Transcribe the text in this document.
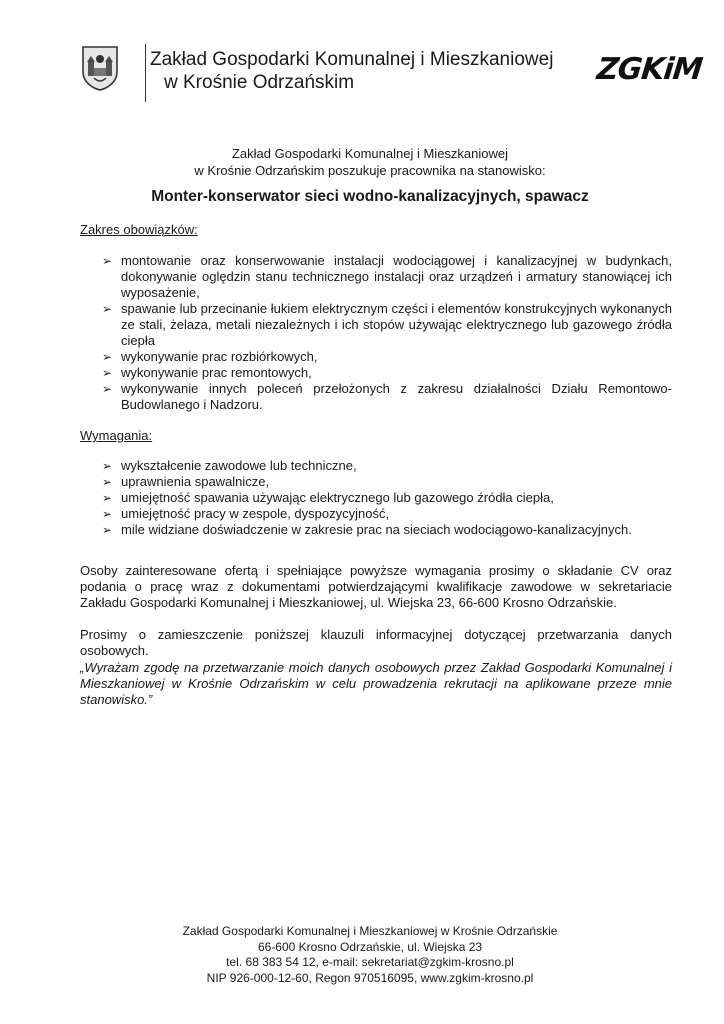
Zakład Gospodarki Komunalnej i Mieszkaniowej
w Krośnie Odrzańskim	ZGKiM
Zakład Gospodarki Komunalnej i Mieszkaniowej
w Krośnie Odrzańskim poszukuje pracownika na stanowisko:
Monter-konserwator sieci wodno-kanalizacyjnych, spawacz
Zakres obowiązków:
➢ montowanie oraz konserwowanie instalacji wodociągowej i kanalizacyjnej w budynkach, dokonywanie oględzin stanu technicznego instalacji oraz urządzeń i armatury stanowiącej ich wyposażenie,
➢ spawanie lub przecinanie łukiem elektrycznym części i elementów konstrukcyjnych wykonanych ze stali, żelaza, metali niezależnych i ich stopów używając elektrycznego lub gazowego źródła ciepła
➢ wykonywanie prac rozbiórkowych,
➢ wykonywanie prac remontowych,
➢ wykonywanie innych poleceń przełożonych z zakresu działalności Działu Remontowo-Budowlanego i Nadzoru.
Wymagania:
➢ wykształcenie zawodowe lub techniczne,
➢ uprawnienia spawalnicze,
➢ umiejętność spawania używając elektrycznego lub gazowego źródła ciepła,
➢ umiejętność pracy w zespole, dyspozycyjność,
➢ mile widziane doświadczenie w zakresie prac na sieciach wodociągowo-kanalizacyjnych.
Osoby zainteresowane ofertą i spełniające powyższe wymagania prosimy o składanie CV oraz podania o pracę wraz z dokumentami potwierdzającymi kwalifikacje zawodowe w sekretariacie Zakładu Gospodarki Komunalnej i Mieszkaniowej, ul. Wiejska 23, 66-600 Krosno Odrzańskie.
Prosimy o zamieszczenie poniższej klauzuli informacyjnej dotyczącej przetwarzania danych osobowych.
„Wyrażam zgodę na przetwarzanie moich danych osobowych przez Zakład Gospodarki Komunalnej i Mieszkaniowej w Krośnie Odrzańskim w celu prowadzenia rekrutacji na aplikowane przeze mnie stanowisko.”
Zakład Gospodarki Komunalnej i Mieszkaniowej w Krośnie Odrzańskie
66-600 Krosno Odrzańskie, ul. Wiejska 23
tel. 68 383 54 12, e-mail: sekretariat@zgkim-krosno.pl
NIP 926-000-12-60, Regon 970516095, www.zgkim-krosno.pl
